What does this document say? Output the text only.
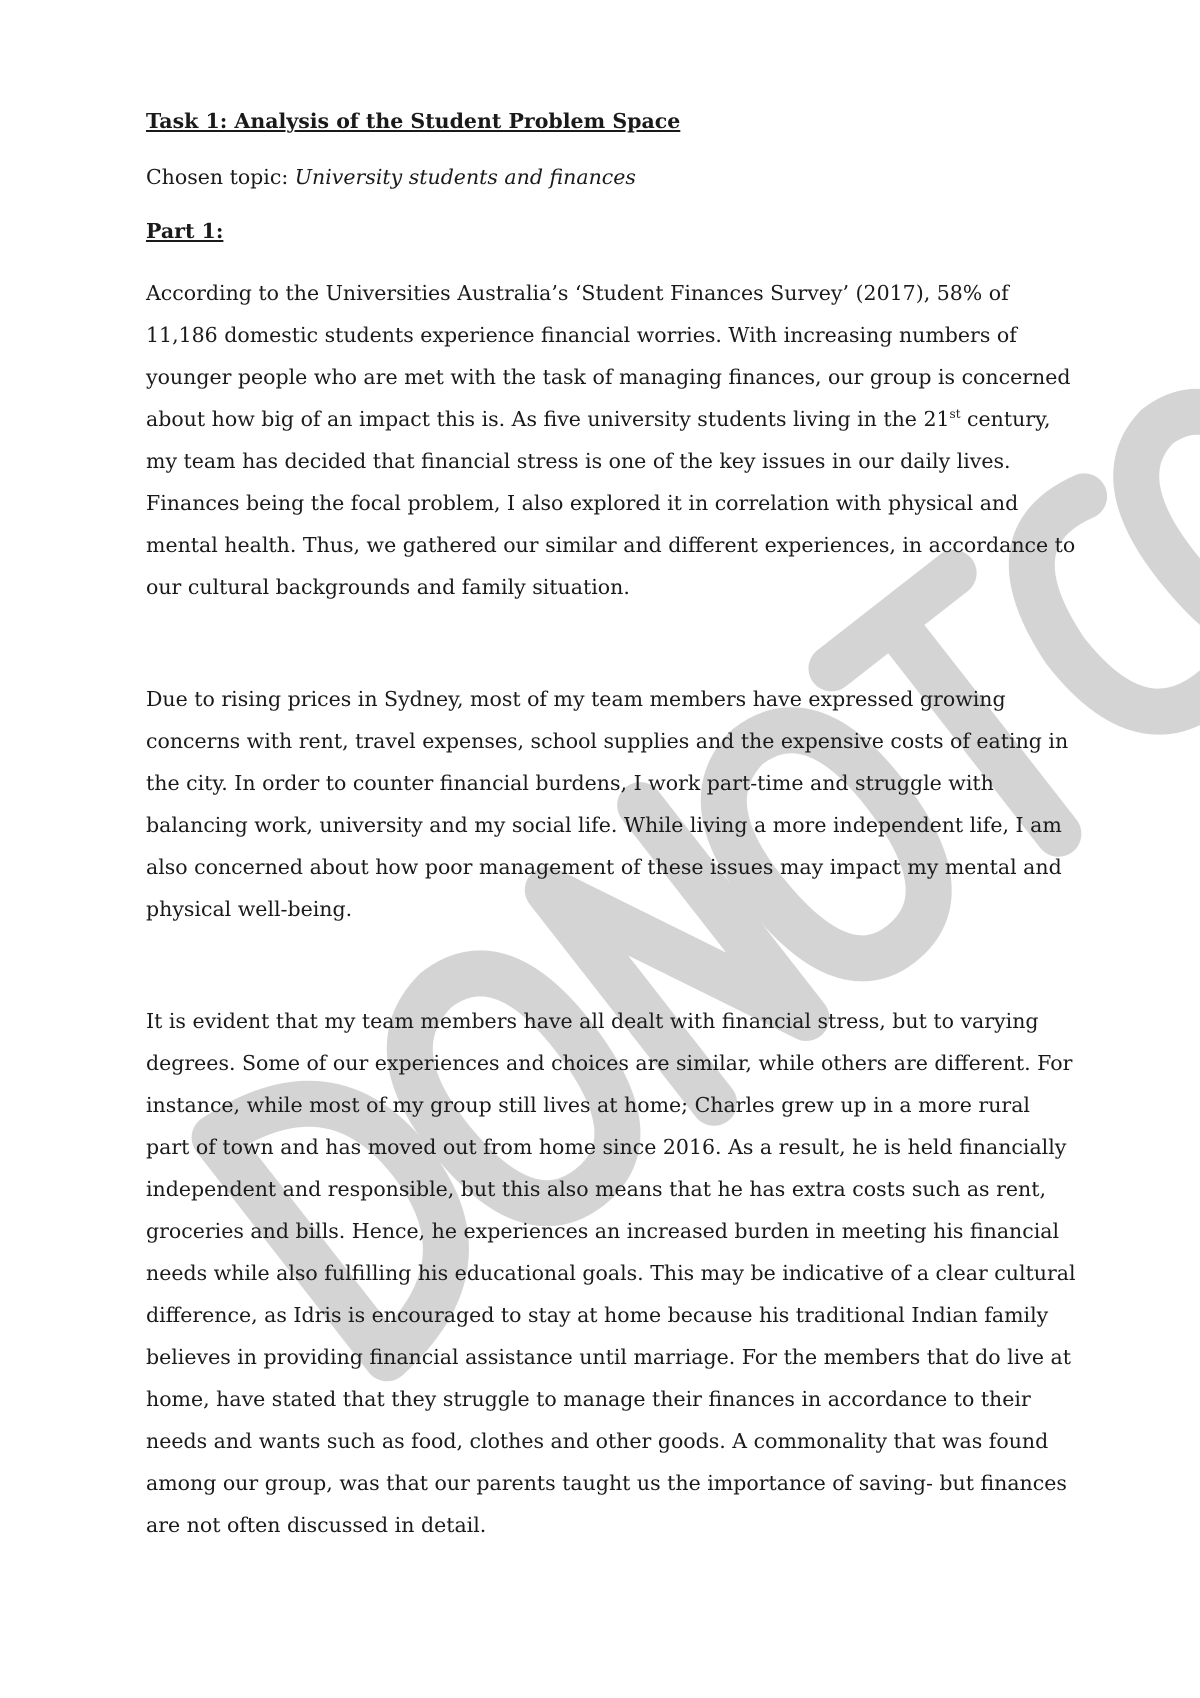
Task 1: Analysis of the Student Problem Space

Chosen topic: University students and finances

Part 1:

According to the Universities Australia’s ‘Student Finances Survey’ (2017), 58% of 11,186 domestic students experience financial worries. With increasing numbers of younger people who are met with the task of managing finances, our group is concerned about how big of an impact this is. As five university students living in the 21st century, my team has decided that financial stress is one of the key issues in our daily lives. Finances being the focal problem, I also explored it in correlation with physical and mental health. Thus, we gathered our similar and different experiences, in accordance to our cultural backgrounds and family situation.

Due to rising prices in Sydney, most of my team members have expressed growing concerns with rent, travel expenses, school supplies and the expensive costs of eating in the city. In order to counter financial burdens, I work part-time and struggle with balancing work, university and my social life. While living a more independent life, I am also concerned about how poor management of these issues may impact my mental and physical well-being.

It is evident that my team members have all dealt with financial stress, but to varying degrees. Some of our experiences and choices are similar, while others are different. For instance, while most of my group still lives at home; Charles grew up in a more rural part of town and has moved out from home since 2016. As a result, he is held financially independent and responsible, but this also means that he has extra costs such as rent, groceries and bills. Hence, he experiences an increased burden in meeting his financial needs while also fulfilling his educational goals. This may be indicative of a clear cultural difference, as Idris is encouraged to stay at home because his traditional Indian family believes in providing financial assistance until marriage. For the members that do live at home, have stated that they struggle to manage their finances in accordance to their needs and wants such as food, clothes and other goods. A commonality that was found among our group, was that our parents taught us the importance of saving- but finances are not often discussed in detail.
